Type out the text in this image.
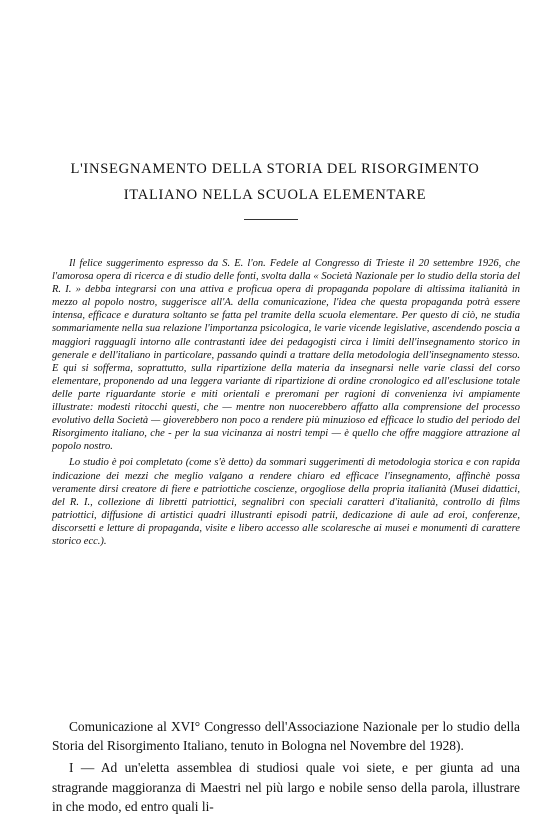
L'INSEGNAMENTO DELLA STORIA DEL RISORGIMENTO

ITALIANO NELLA SCUOLA ELEMENTARE

Il felice suggerimento espresso da S. E. l'on. Fedele al Congresso di Trieste il 20 settembre 1926, che l'amorosa opera di ricerca e di studio delle fonti, svolta dalla « Società Nazionale per lo studio della storia del R. I. » debba integrarsi con una attiva e proficua opera di propaganda popolare di altissima italianità in mezzo al popolo nostro, suggerisce all'A. della comunicazione, l'idea che questa propaganda potrà essere intensa, efficace e duratura soltanto se fatta pel tramite della scuola elementare. Per questo di ciò, ne studia sommariamente nella sua relazione l'importanza psicologica, le varie vicende legislative, ascendendo poscia a maggiori ragguagli intorno alle contrastanti idee dei pedagogisti circa i limiti dell'insegnamento storico in generale e dell'italiano in particolare, passando quindi a trattare della metodologia dell'insegnamento stesso. E qui si sofferma, soprattutto, sulla ripartizione della materia da insegnarsi nelle varie classi del corso elementare, proponendo ad una leggera variante di ripartizione di ordine cronologico ed all'esclusione totale delle parte riguardante storie e miti orientali e preromani per ragioni di convenienza ivi ampiamente illustrate: modesti ritocchi questi, che — mentre non nuocerebbero affatto alla comprensione del processo evolutivo della Società — gioverebbero non poco a rendere più minuzioso ed efficace lo studio del periodo del Risorgimento italiano, che - per la sua vicinanza ai nostri tempi — è quello che offre maggiore attrazione al popolo nostro.

Lo studio è poi completato (come s'è detto) da sommari suggerimenti di metodologia storica e con rapida indicazione dei mezzi che meglio valgano a rendere chiaro ed efficace l'insegnamento, affinchè possa veramente dirsi creatore di fiere e patriottiche coscienze, orgogliose della propria italianità (Musei didattici, del R. I., collezione di libretti patriottici, segnalibri con speciali caratteri d'italianità, controllo di films patriottici, diffusione di artistici quadri illustranti episodi patrii, dedicazione di aule ad eroi, conferenze, discorsetti e letture di propaganda, visite e libero accesso alle scolaresche ai musei e monumenti di carattere storico ecc.).

Comunicazione al XVI° Congresso dell'Associazione Nazionale per lo studio della Storia del Risorgimento Italiano, tenuto in Bologna nel Novembre del 1928).

I — Ad un'eletta assemblea di studiosi quale voi siete, e per giunta ad una stragrande maggioranza di Maestri nel più largo e nobile senso della parola, illustrare in che modo, ed entro quali li-
